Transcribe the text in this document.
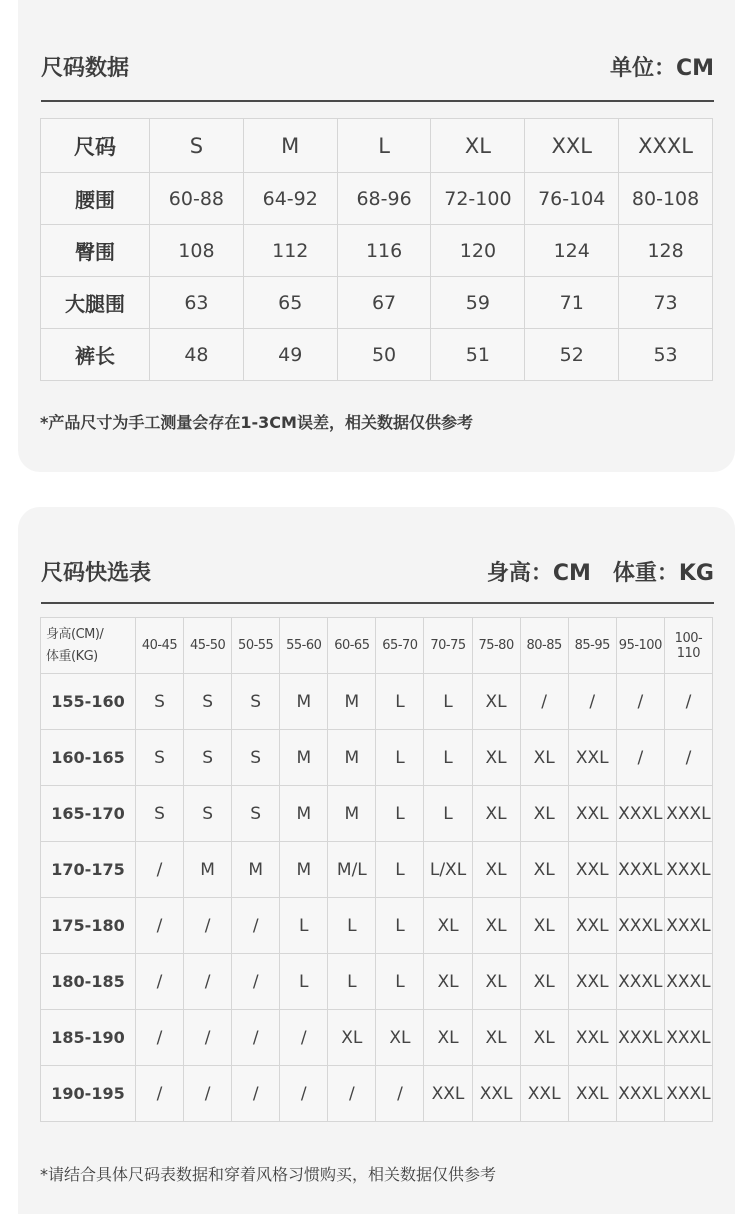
尺码数据	单位：CM
尺码	S	M	L	XL	XXL	XXXL
腰围	60-88	64-92	68-96	72-100	76-104	80-108
臀围	108	112	116	120	124	128
大腿围	63	65	67	59	71	73
裤长	48	49	50	51	52	53
*产品尺寸为手工测量会存在1-3CM误差，相关数据仅供参考
尺码快选表	身高：CM　体重：KG
身高(CM)/
体重(KG)	40-45	45-50	50-55	55-60	60-65	65-70	70-75	75-80	80-85	85-95	95-100	100-110
155-160	S	S	S	M	M	L	L	XL	/	/	/	/
160-165	S	S	S	M	M	L	L	XL	XL	XXL	/	/
165-170	S	S	S	M	M	L	L	XL	XL	XXL	XXXL	XXXL
170-175	/	M	M	M	M/L	L	L/XL	XL	XL	XXL	XXXL	XXXL
175-180	/	/	/	L	L	L	XL	XL	XL	XXL	XXXL	XXXL
180-185	/	/	/	L	L	L	XL	XL	XL	XXL	XXXL	XXXL
185-190	/	/	/	/	XL	XL	XL	XL	XL	XXL	XXXL	XXXL
190-195	/	/	/	/	/	/	XXL	XXL	XXL	XXL	XXXL	XXXL
*请结合具体尺码表数据和穿着风格习惯购买，相关数据仅供参考
